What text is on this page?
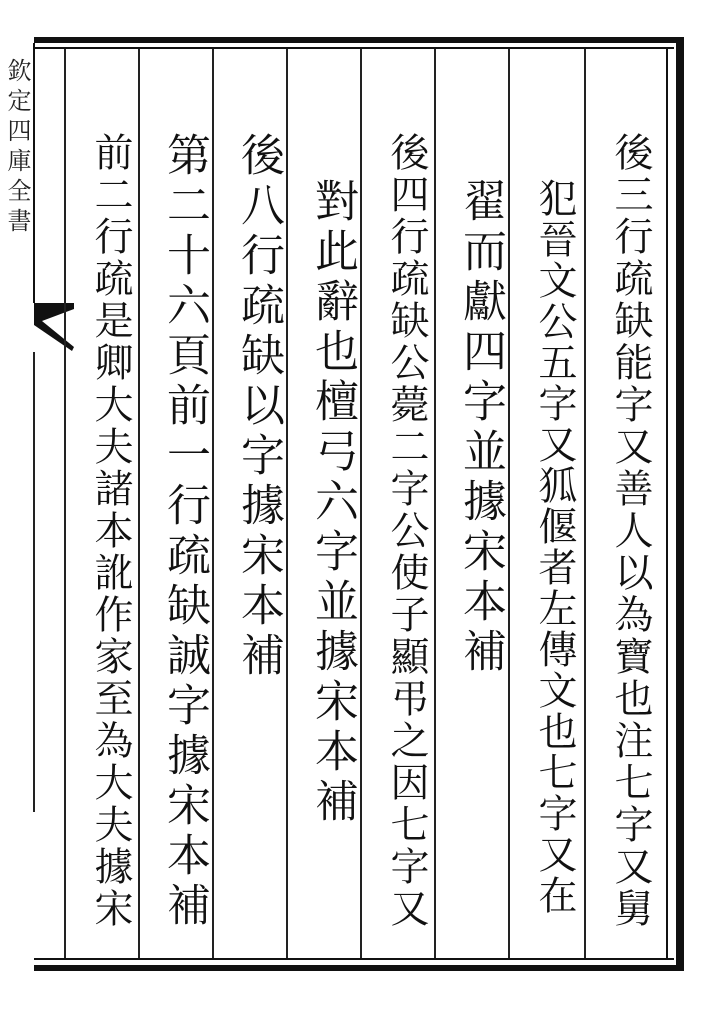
欽定四庫全書	後三行疏缺能字又善人以為寶也注七字又舅
犯晉文公五字又狐偃者左傳文也七字又在
翟而獻四字並據宋本補
後四行疏缺公薨二字公使子顯弔之因七字又
對此辭也檀弓六字並據宋本補
後八行疏缺以字據宋本補
第二十六頁前一行疏缺誠字據宋本補
前二行疏是卿大夫諸本訛作家至為大夫據宋
